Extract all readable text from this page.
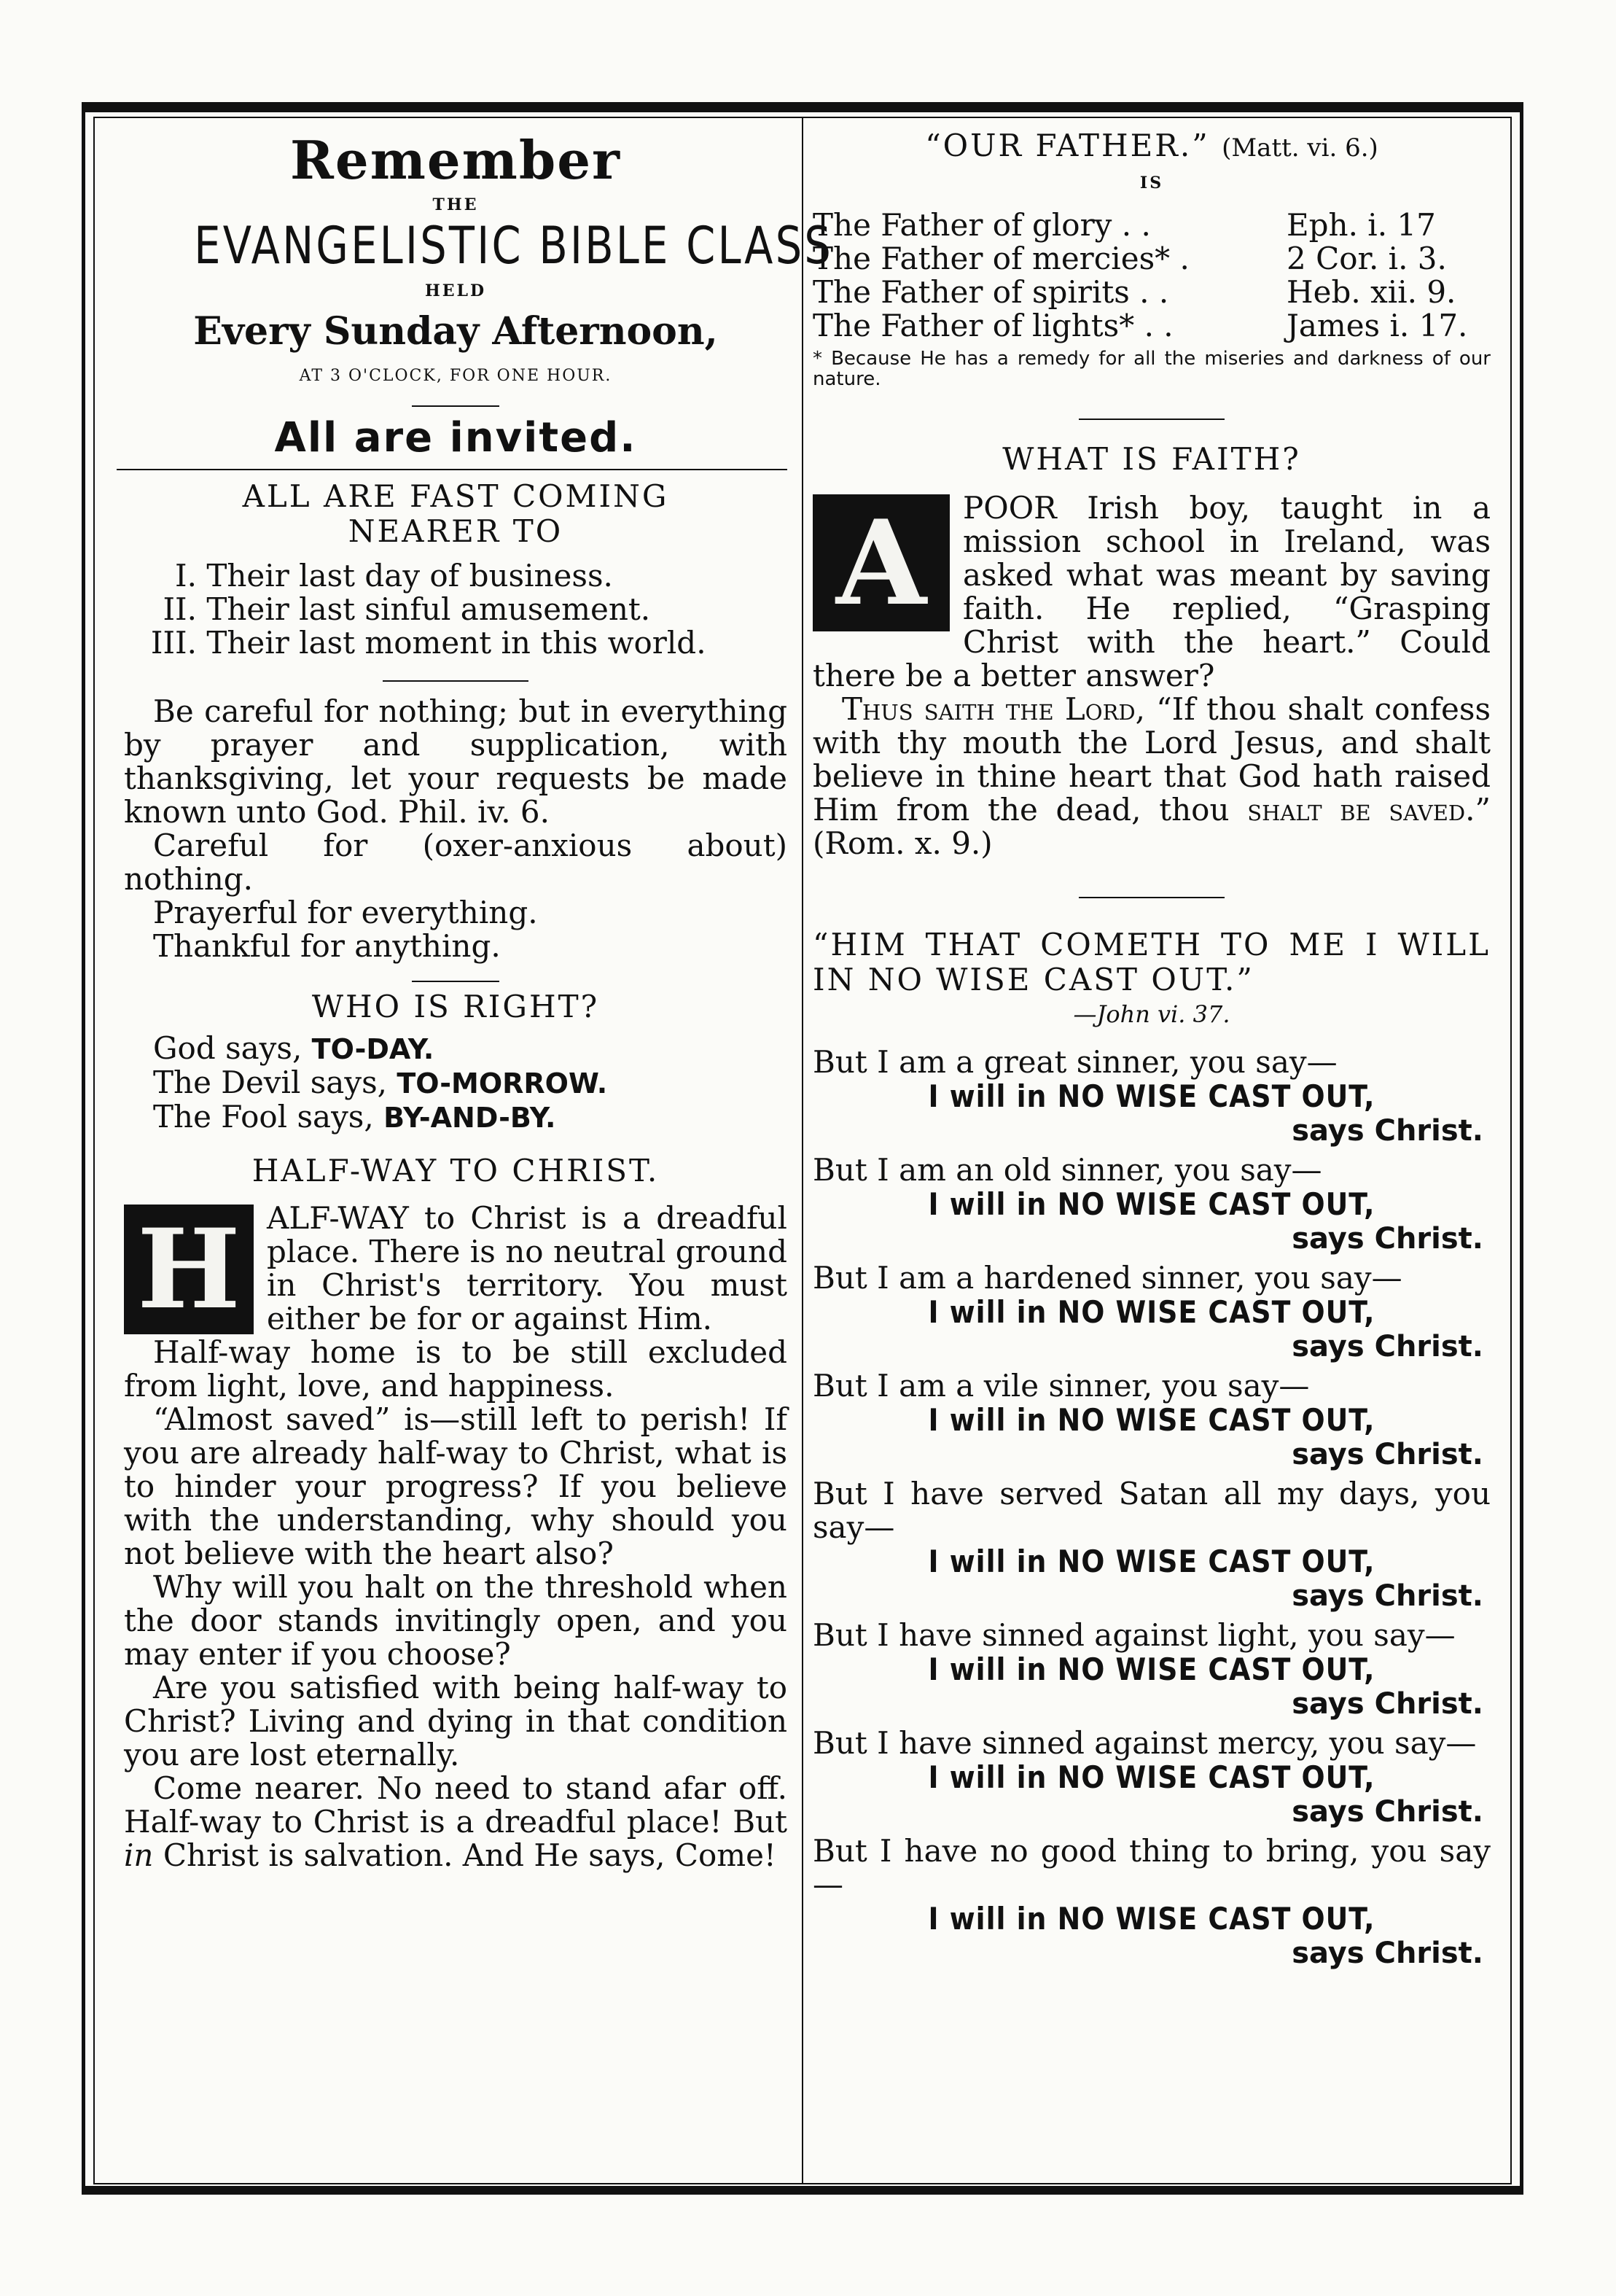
Remember
THE
EVANGELISTIC BIBLE CLASS
HELD
Every Sunday Afternoon,
AT 3 O'CLOCK, FOR ONE HOUR.
All are invited.
ALL ARE FAST COMING NEARER TO
I. Their last day of business.
II. Their last sinful amusement.
III. Their last moment in this world.

Be careful for nothing; but in everything by prayer and supplication, with thanksgiving, let your requests be made known unto God. Phil. iv. 6.

Careful for (oxer-anxious about) nothing.

Prayerful for everything.

Thankful for anything.

WHO IS RIGHT?
God says, TO-DAY.
The Devil says, TO-MORROW.
The Fool says, BY-AND-BY.
HALF-WAY TO CHRIST.
H ALF-WAY to Christ is a dreadful place. There is no neutral ground in Christ's territory. You must either be for or against Him.

Half-way home is to be still excluded from light, love, and happiness.

“Almost saved” is—still left to perish! If you are already half-way to Christ, what is to hinder your progress? If you believe with the understanding, why should you not believe with the heart also?

Why will you halt on the threshold when the door stands invitingly open, and you may enter if you choose?

Are you satisfied with being half-way to Christ? Living and dying in that condition you are lost eternally.

Come nearer. No need to stand afar off. Half-way to Christ is a dreadful place! But in Christ is salvation. And He says, Come!

“OUR FATHER.” (Matt. vi. 6.)
IS
The Father of glory . .	Eph. i. 17
The Father of mercies* .	2 Cor. i. 3.
The Father of spirits . .	Heb. xii. 9.
The Father of lights* . .	James i. 17.

* Because He has a remedy for all the miseries and darkness of our nature.

WHAT IS FAITH?
A	POOR Irish boy, taught in a mission school in Ireland, was asked what was meant by saving faith. He replied, “Grasping Christ with the heart.” Could there be a better answer?

Thus saith the Lord, “If thou shalt confess with thy mouth the Lord Jesus, and shalt believe in thine heart that God hath raised Him from the dead, thou shalt be saved.” (Rom. x. 9.)

“HIM THAT COMETH TO ME I WILL IN NO WISE CAST OUT.”
—John vi. 37.

But I am a great sinner, you say—

I will in NO WISE CAST OUT,
says Christ.

But I am an old sinner, you say—

I will in NO WISE CAST OUT,
says Christ.

But I am a hardened sinner, you say—

I will in NO WISE CAST OUT,
says Christ.

But I am a vile sinner, you say—

I will in NO WISE CAST OUT,
says Christ.

But I have served Satan all my days, you say—

I will in NO WISE CAST OUT,
says Christ.

But I have sinned against light, you say—

I will in NO WISE CAST OUT,
says Christ.

But I have sinned against mercy, you say—

I will in NO WISE CAST OUT,
says Christ.

But I have no good thing to bring, you say —

I will in NO WISE CAST OUT,
says Christ.
